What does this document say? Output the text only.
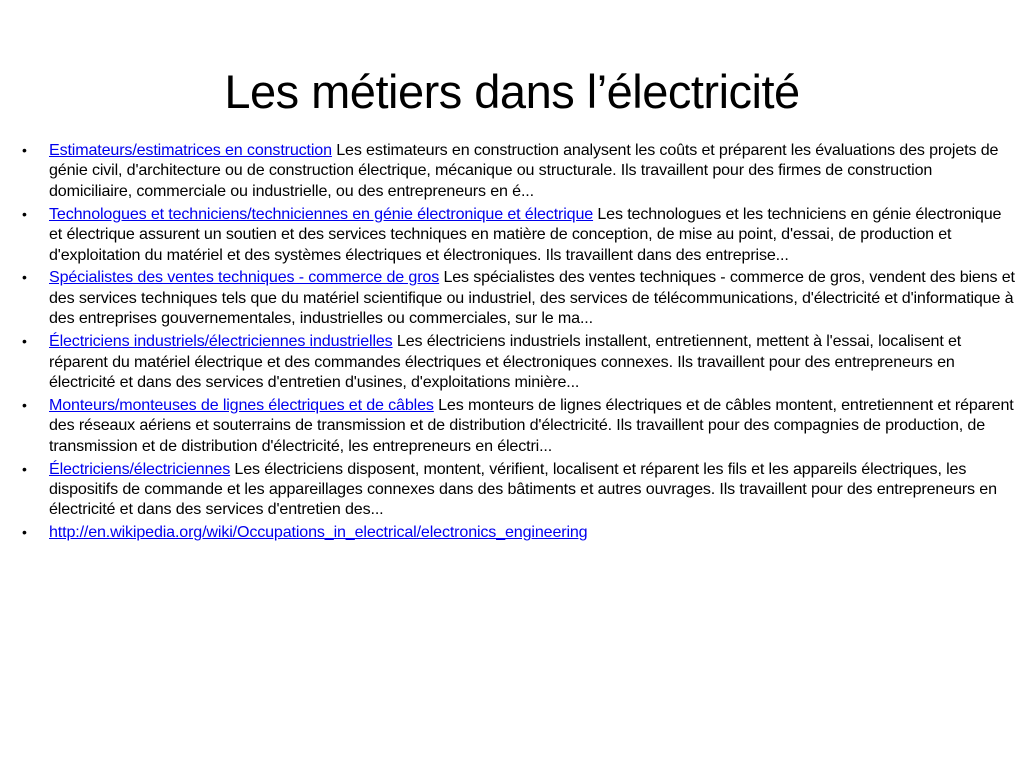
Les métiers dans l’électricité
• Estimateurs/estimatrices en construction Les estimateurs en construction analysent les coûts et préparent les évaluations des projets de génie civil, d'architecture ou de construction électrique, mécanique ou structurale. Ils travaillent pour des firmes de construction domiciliaire, commerciale ou industrielle, ou des entrepreneurs en é...
• Technologues et techniciens/techniciennes en génie électronique et électrique Les technologues et les techniciens en génie électronique et électrique assurent un soutien et des services techniques en matière de conception, de mise au point, d'essai, de production et d'exploitation du matériel et des systèmes électriques et électroniques. Ils travaillent dans des entreprise...
• Spécialistes des ventes techniques - commerce de gros Les spécialistes des ventes techniques - commerce de gros, vendent des biens et des services techniques tels que du matériel scientifique ou industriel, des services de télécommunications, d'électricité et d'informatique à des entreprises gouvernementales, industrielles ou commerciales, sur le ma...
• Électriciens industriels/électriciennes industrielles Les électriciens industriels installent, entretiennent, mettent à l'essai, localisent et réparent du matériel électrique et des commandes électriques et électroniques connexes. Ils travaillent pour des entrepreneurs en électricité et dans des services d'entretien d'usines, d'exploitations minière...
• Monteurs/monteuses de lignes électriques et de câbles Les monteurs de lignes électriques et de câbles montent, entretiennent et réparent des réseaux aériens et souterrains de transmission et de distribution d'électricité. Ils travaillent pour des compagnies de production, de transmission et de distribution d'électricité, les entrepreneurs en électri...
• Électriciens/électriciennes Les électriciens disposent, montent, vérifient, localisent et réparent les fils et les appareils électriques, les dispositifs de commande et les appareillages connexes dans des bâtiments et autres ouvrages. Ils travaillent pour des entrepreneurs en électricité et dans des services d'entretien des...
• http://en.wikipedia.org/wiki/Occupations_in_electrical/electronics_engineering
